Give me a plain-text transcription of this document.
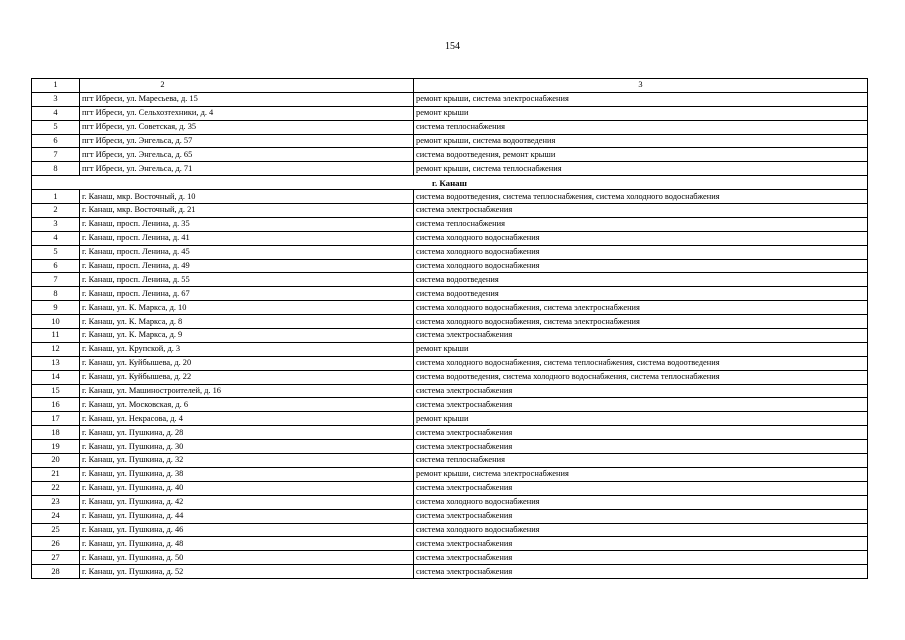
154
1	2	3
3	пгт Ибреси, ул. Маресьева, д. 15	ремонт крыши, система электроснабжения
4	пгт Ибреси, ул. Сельхозтехники, д. 4	ремонт крыши
5	пгт Ибреси, ул. Советская, д. 35	система теплоснабжения
6	пгт Ибреси, ул. Энгельса, д. 57	ремонт крыши, система водоотведения
7	пгт Ибреси, ул. Энгельса, д. 65	система водоотведения, ремонт крыши
8	пгт Ибреси, ул. Энгельса, д. 71	ремонт крыши, система теплоснабжения
г. Канаш		
1	г. Канаш, мкр. Восточный, д. 10	система водоотведения, система теплоснабжения, система холодного водоснабжения
2	г. Канаш, мкр. Восточный, д. 21	система электроснабжения
3	г. Канаш, просп. Ленина, д. 35	система теплоснабжения
4	г. Канаш, просп. Ленина, д. 41	система холодного водоснабжения
5	г. Канаш, просп. Ленина, д. 45	система холодного водоснабжения
6	г. Канаш, просп. Ленина, д. 49	система холодного водоснабжения
7	г. Канаш, просп. Ленина, д. 55	система водоотведения
8	г. Канаш, просп. Ленина, д. 67	система водоотведения
9	г. Канаш, ул. К. Маркса, д. 10	система холодного водоснабжения, система электроснабжения
10	г. Канаш, ул. К. Маркса, д. 8	система холодного водоснабжения, система электроснабжения
11	г. Канаш, ул. К. Маркса, д. 9	система электроснабжения
12	г. Канаш, ул. Крупской, д. 3	ремонт крыши
13	г. Канаш, ул. Куйбышева, д. 20	система холодного водоснабжения, система теплоснабжения, система водоотведения
14	г. Канаш, ул. Куйбышева, д. 22	система водоотведения, система холодного водоснабжения, система теплоснабжения
15	г. Канаш, ул. Машиностроителей, д. 16	система электроснабжения
16	г. Канаш, ул. Московская, д. 6	система электроснабжения
17	г. Канаш, ул. Некрасова, д. 4	ремонт крыши
18	г. Канаш, ул. Пушкина, д. 28	система электроснабжения
19	г. Канаш, ул. Пушкина, д. 30	система электроснабжения
20	г. Канаш, ул. Пушкина, д. 32	система теплоснабжения
21	г. Канаш, ул. Пушкина, д. 38	ремонт крыши, система электроснабжения
22	г. Канаш, ул. Пушкина, д. 40	система электроснабжения
23	г. Канаш, ул. Пушкина, д. 42	система холодного водоснабжения
24	г. Канаш, ул. Пушкина, д. 44	система электроснабжения
25	г. Канаш, ул. Пушкина, д. 46	система холодного водоснабжения
26	г. Канаш, ул. Пушкина, д. 48	система электроснабжения
27	г. Канаш, ул. Пушкина, д. 50	система электроснабжения
28	г. Канаш, ул. Пушкина, д. 52	система электроснабжения
